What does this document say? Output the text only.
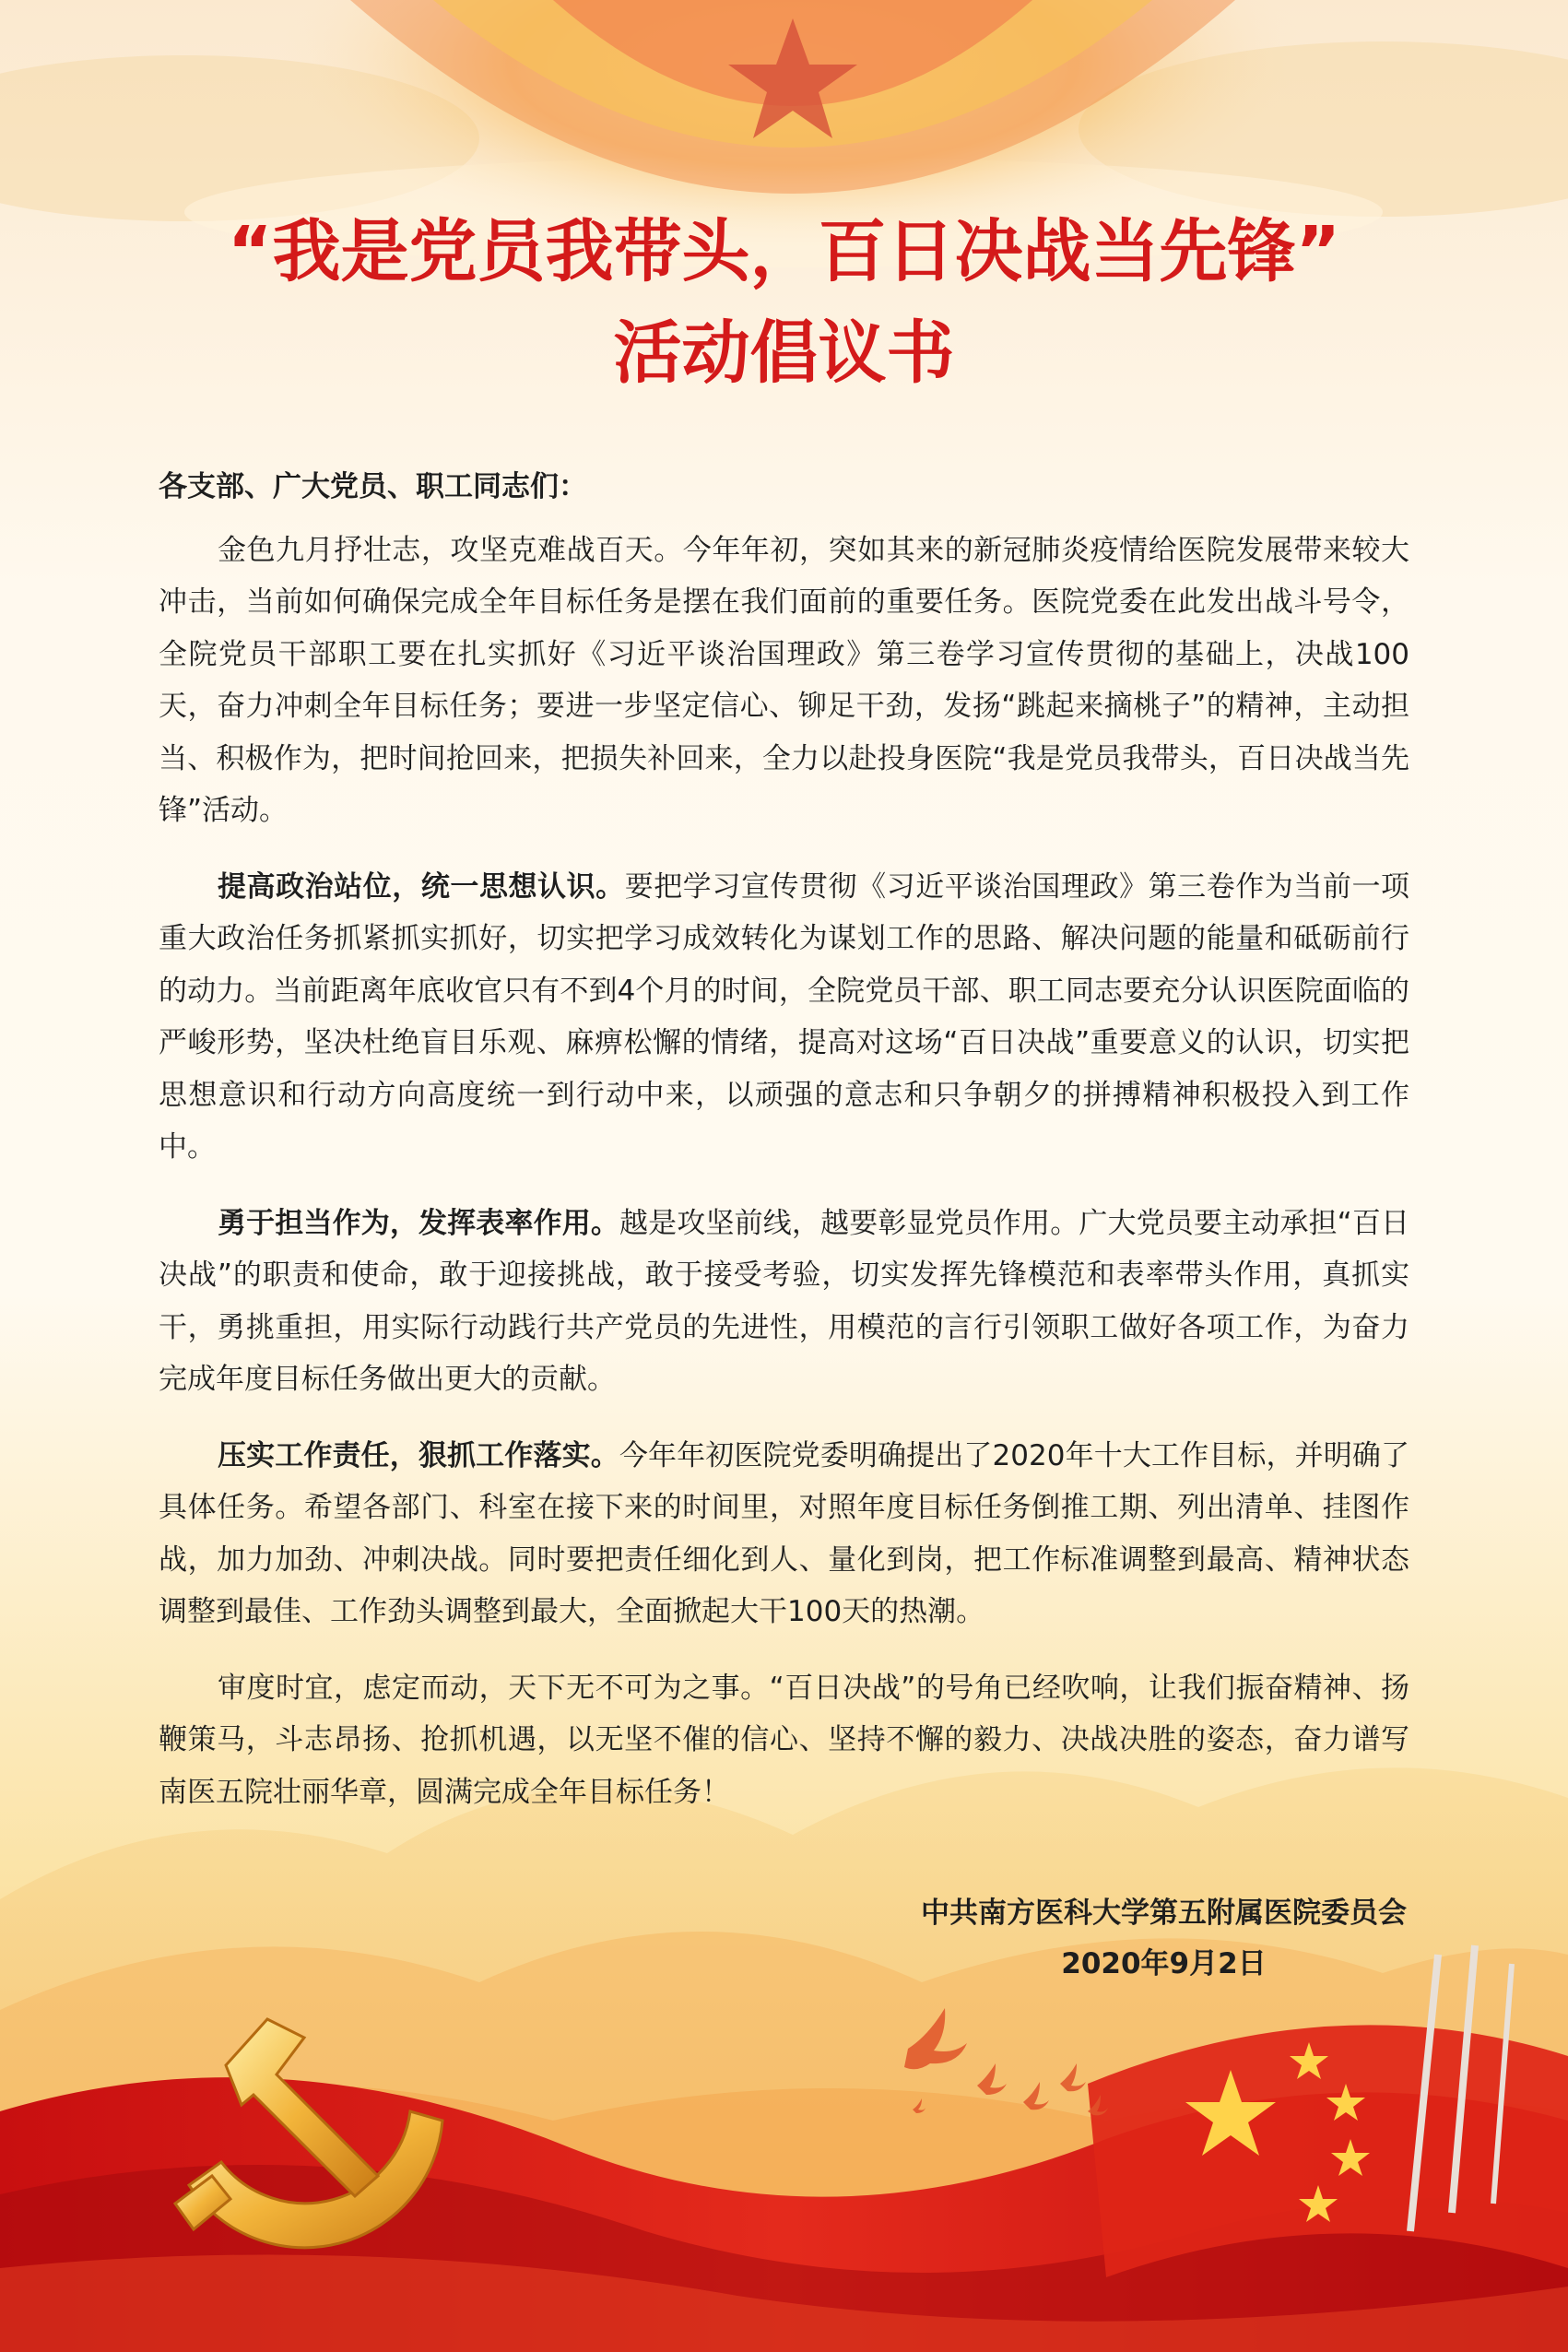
“我是党员我带头，百日决战当先锋”
活动倡议书

各支部、广大党员、职工同志们：

金色九月抒壮志，攻坚克难战百天。今年年初，突如其来的新冠肺炎疫情给医院发展带来较大冲击，当前如何确保完成全年目标任务是摆在我们面前的重要任务。医院党委在此发出战斗号令，全院党员干部职工要在扎实抓好《习近平谈治国理政》第三卷学习宣传贯彻的基础上，决战100天，奋力冲刺全年目标任务；要进一步坚定信心、铆足干劲，发扬“跳起来摘桃子”的精神，主动担当、积极作为，把时间抢回来，把损失补回来，全力以赴投身医院“我是党员我带头，百日决战当先锋”活动。

提高政治站位，统一思想认识。要把学习宣传贯彻《习近平谈治国理政》第三卷作为当前一项重大政治任务抓紧抓实抓好，切实把学习成效转化为谋划工作的思路、解决问题的能量和砥砺前行的动力。当前距离年底收官只有不到4个月的时间，全院党员干部、职工同志要充分认识医院面临的严峻形势，坚决杜绝盲目乐观、麻痹松懈的情绪，提高对这场“百日决战”重要意义的认识，切实把思想意识和行动方向高度统一到行动中来，以顽强的意志和只争朝夕的拼搏精神积极投入到工作中。

勇于担当作为，发挥表率作用。越是攻坚前线，越要彰显党员作用。广大党员要主动承担“百日决战”的职责和使命，敢于迎接挑战，敢于接受考验，切实发挥先锋模范和表率带头作用，真抓实干，勇挑重担，用实际行动践行共产党员的先进性，用模范的言行引领职工做好各项工作，为奋力完成年度目标任务做出更大的贡献。

压实工作责任，狠抓工作落实。今年年初医院党委明确提出了2020年十大工作目标，并明确了具体任务。希望各部门、科室在接下来的时间里，对照年度目标任务倒推工期、列出清单、挂图作战，加力加劲、冲刺决战。同时要把责任细化到人、量化到岗，把工作标准调整到最高、精神状态调整到最佳、工作劲头调整到最大，全面掀起大干100天的热潮。

审度时宜，虑定而动，天下无不可为之事。“百日决战”的号角已经吹响，让我们振奋精神、扬鞭策马，斗志昂扬、抢抓机遇，以无坚不催的信心、坚持不懈的毅力、决战决胜的姿态，奋力谱写南医五院壮丽华章，圆满完成全年目标任务！

中共南方医科大学第五附属医院委员会
2020年9月2日
